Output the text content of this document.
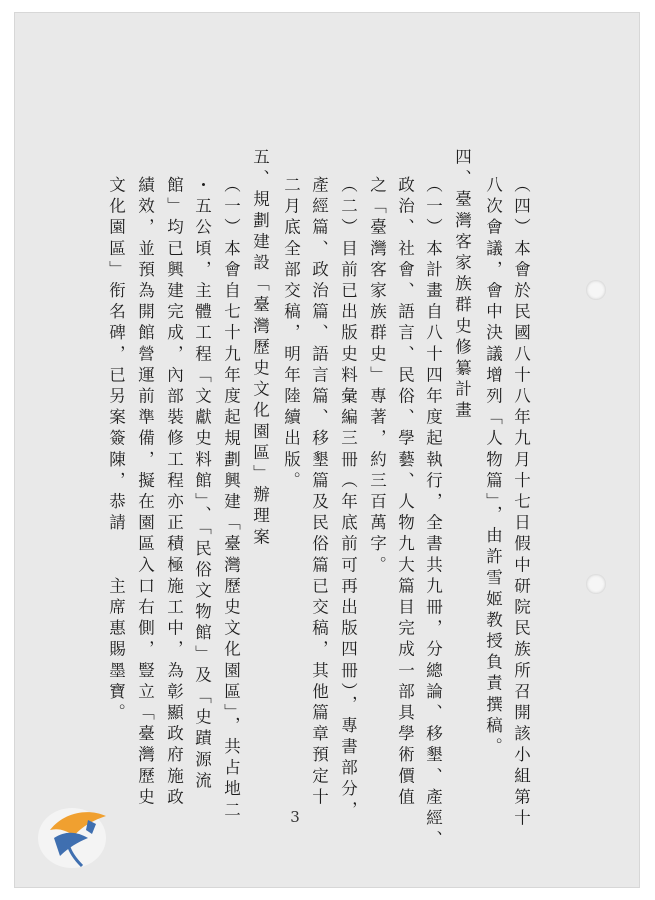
（四）本會於民國八十八年九月十七日假中研院民族所召開該小組第十
八次會議，會中決議增列「人物篇」，由許雪姬教授負責撰稿。
四、臺灣客家族群史修纂計畫
（一）本計畫自八十四年度起執行，全書共九冊，分總論、移墾、產經、
政治、社會、語言、民俗、學藝、人物九大篇目完成一部具學術價值
之「臺灣客家族群史」專著，約三百萬字。
（二）目前已出版史料彙編三冊（年底前可再出版四冊），專書部分，
產經篇、政治篇、語言篇、移墾篇及民俗篇已交稿，其他篇章預定十
二月底全部交稿，明年陸續出版。
五、規劃建設「臺灣歷史文化園區」辦理案
（一）本會自七十九年度起規劃興建「臺灣歷史文化園區」，共占地二
・五公頃，主體工程「文獻史料館」、「民俗文物館」及「史蹟源流
館」均已興建完成，內部裝修工程亦正積極施工中，為彰顯政府施政
績效，並預為開館營運前準備，擬在園區入口右側，豎立「臺灣歷史
文化園區」衔名碑，已另案簽陳，恭請　　主席惠賜墨寶。
3
